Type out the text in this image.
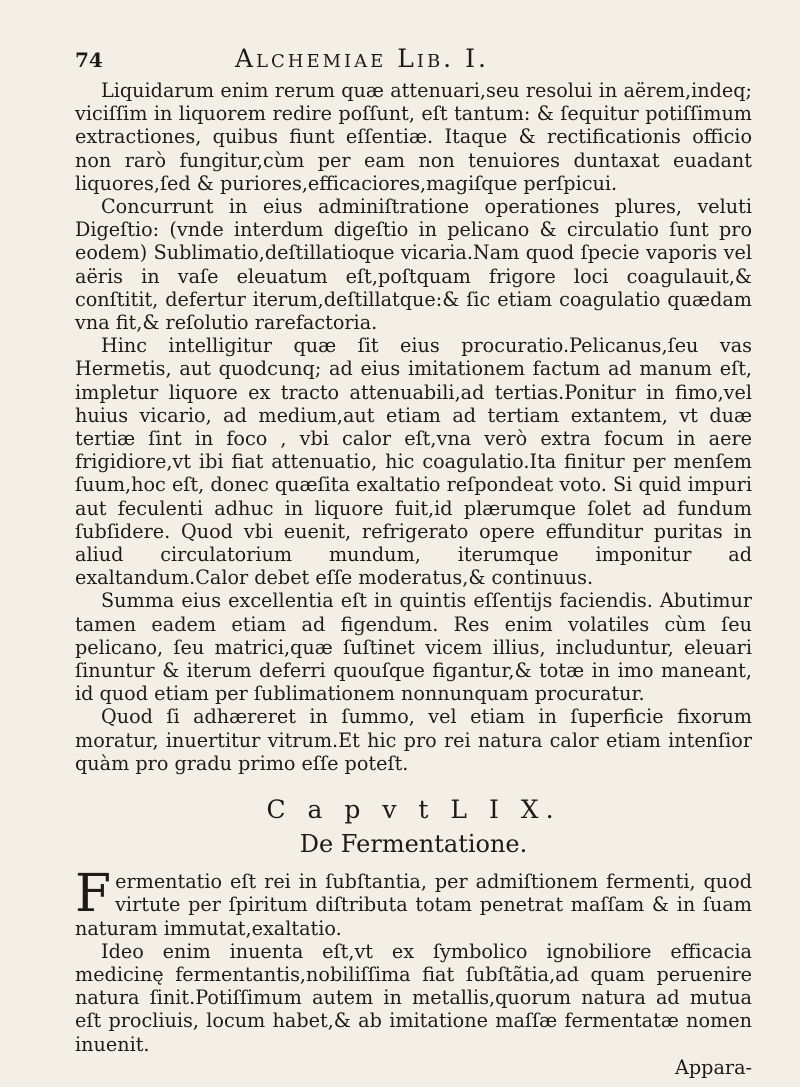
74	Alchemiae Lib. I.

Liquidarum enim rerum quæ attenuari,seu resolui in aërem,indeq; viciſſim in liquorem redire poſſunt, eſt tantum: & ſequitur potiſſimum extractiones, quibus fiunt eſſentiæ. Itaque & rectificationis officio non rarò fungitur,cùm per eam non tenuiores duntaxat euadant liquores,ſed & puriores,efficaciores,magiſque perſpicui.

Concurrunt in eius adminiſtratione operationes plures, veluti Digeſtio: (vnde interdum digeſtio in pelicano & circulatio ſunt pro eodem) Sublimatio,deſtillatioque vicaria.Nam quod ſpecie vaporis vel aëris in vaſe eleuatum eſt,poſtquam frigore loci coagulauit,& conſtitit, defertur iterum,deſtillatque:& ſic etiam coagulatio quædam vna fit,& reſolutio rarefactoria.

Hinc intelligitur quæ ſit eius procuratio.Pelicanus,ſeu vas Hermetis, aut quodcunq; ad eius imitationem factum ad manum eſt, impletur liquore ex tracto attenuabili,ad tertias.Ponitur in fimo,vel huius vicario, ad medium,aut etiam ad tertiam extantem, vt duæ tertiæ ſint in foco , vbi calor eſt,vna verò extra focum in aere frigidiore,vt ibi fiat attenuatio, hic coagulatio.Ita finitur per menſem ſuum,hoc eſt, donec quæſita exaltatio reſpondeat voto. Si quid impuri aut feculenti adhuc in liquore fuit,id plærumque ſolet ad fundum ſubſidere. Quod vbi euenit, refrigerato opere effunditur puritas in aliud circulatorium mundum, iterumque imponitur ad exaltandum.Calor debet eſſe moderatus,& continuus.

Summa eius excellentia eſt in quintis eſſentijs faciendis. Abutimur tamen eadem etiam ad figendum. Res enim volatiles cùm ſeu pelicano, ſeu matrici,quæ ſuſtinet vicem illius, includuntur, eleuari ſinuntur & iterum deferri quouſque figantur,& totæ in imo maneant, id quod etiam per ſublimationem nonnunquam procuratur.

Quod ſi adhæreret in ſummo, vel etiam in ſuperficie fixorum moratur, inuertitur vitrum.Et hic pro rei natura calor etiam intenſior quàm pro gradu primo eſſe poteſt.

C a p v t L I X.
De Fermentatione.

Fermentatio eſt rei in ſubſtantia, per admiſtionem fermenti, quod virtute per ſpiritum diſtributa totam penetrat maſſam & in ſuam naturam immutat,exaltatio.

Ideo enim inuenta eſt,vt ex ſymbolico ignobiliore efficacia medicinę fermentantis,nobiliſſima fiat ſubſtãtia,ad quam peruenire natura ſinit.Potiſſimum autem in metallis,quorum natura ad mutua eſt procliuis, locum habet,& ab imitatione maſſæ fermentatæ nomen inuenit.

Appara-
